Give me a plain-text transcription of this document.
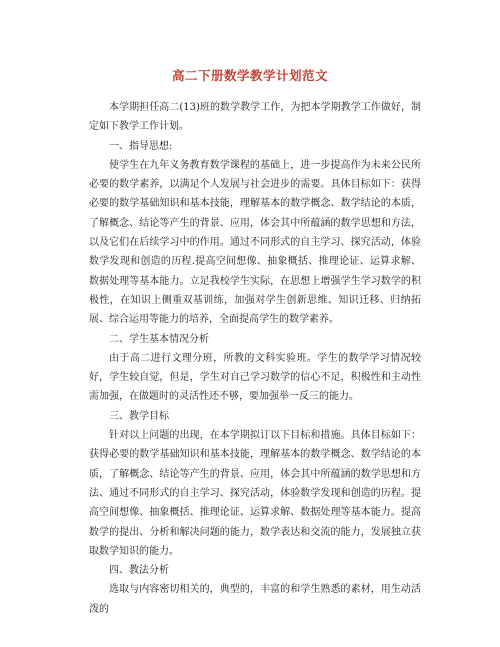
高二下册数学教学计划范文

本学期担任高二(13)班的数学教学工作，为把本学期教学工作做好，制定如下教学工作计划。

一、指导思想:

使学生在九年义务教育数学课程的基础上，进一步提高作为未来公民所必要的数学素养，以满足个人发展与社会进步的需要。具体目标如下：获得必要的数学基础知识和基本技能，理解基本的数学概念、数学结论的本质，了解概念、结论等产生的背景、应用，体会其中所蕴涵的数学思想和方法，以及它们在后续学习中的作用。通过不同形式的自主学习、探究活动，体验数学发现和创造的历程.提高空间想像、抽象概括、推理论证、运算求解、数据处理等基本能力。立足我校学生实际，在思想上增强学生学习数学的积极性，在知识上侧重双基训练，加强对学生创新思维、知识迁移、归纳拓展、综合运用等能力的培养，全面提高学生的数学素养。

二、学生基本情况分析

由于高二进行文理分班，所教的文科实验班。学生的数学学习情况较好，学生较自觉，但是，学生对自己学习数学的信心不足，积极性和主动性需加强，在做题时的灵活性还不够，要加强举一反三的能力。

三、教学目标

针对以上问题的出现，在本学期拟订以下目标和措施。具体目标如下：获得必要的数学基础知识和基本技能，理解基本的数学概念、数学结论的本质，了解概念、结论等产生的背景、应用，体会其中所蕴涵的数学思想和方法、通过不同形式的自主学习、探究活动，体验数学发现和创造的历程。提高空间想像、抽象概括、推理论证、运算求解、数据处理等基本能力。提高数学的提出、分析和解决问题的能力，数学表达和交流的能力，发展独立获取数学知识的能力。

四、教法分析

选取与内容密切相关的，典型的，丰富的和学生熟悉的素材，用生动活泼的
